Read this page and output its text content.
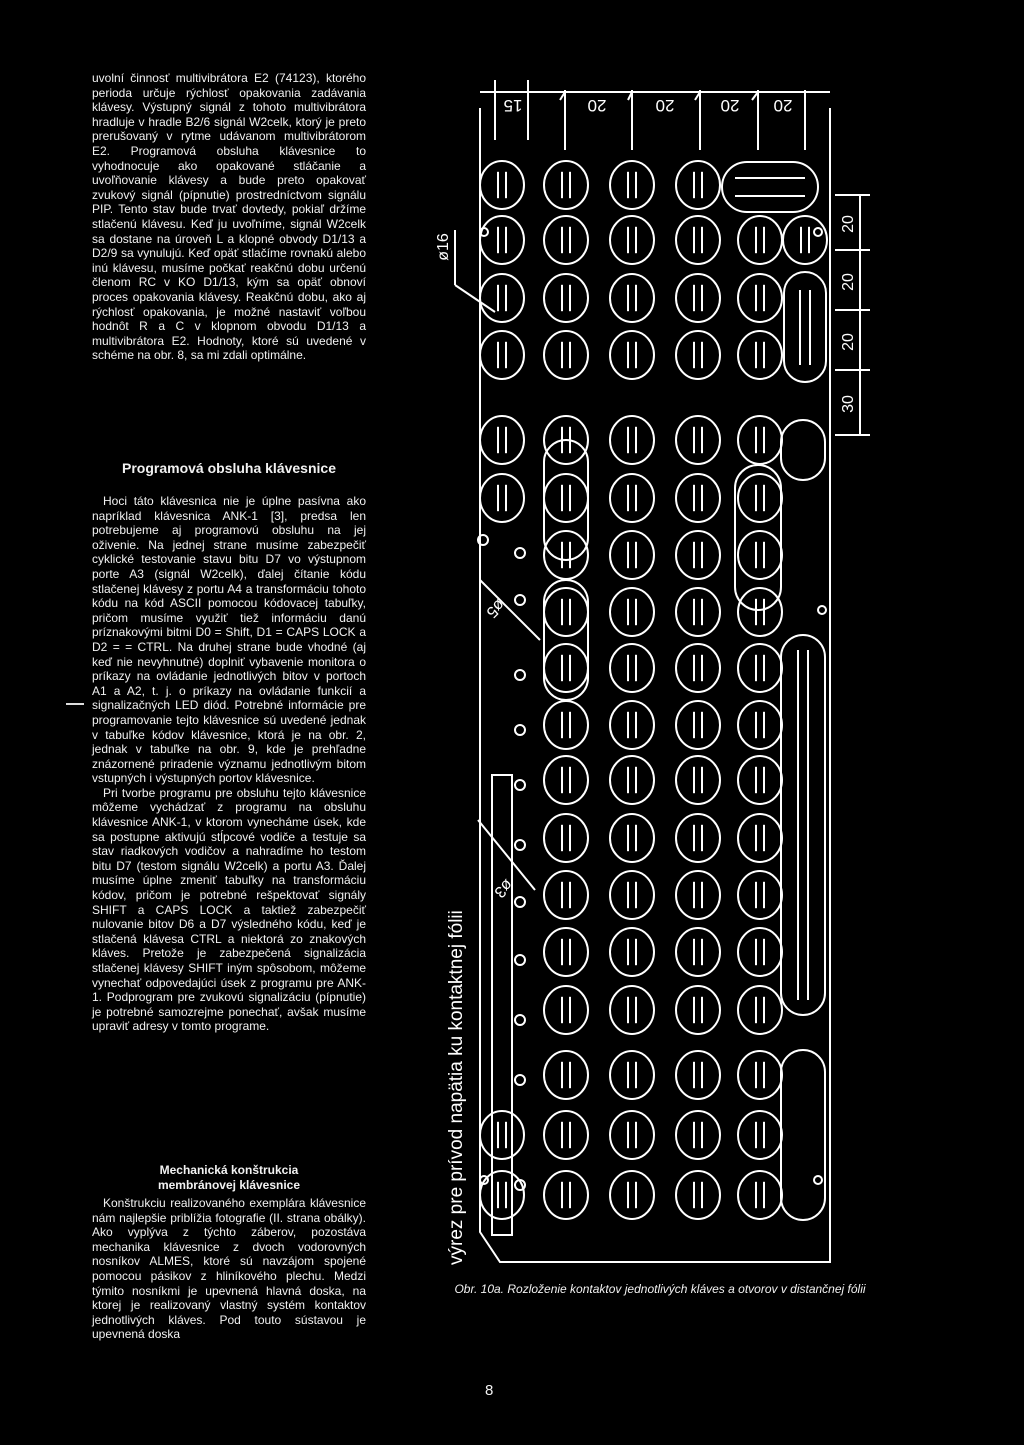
uvolní činnosť multivibrátora E2 (74123), ktorého perioda určuje rýchlosť opakovania zadávania klávesy. Výstupný signál z tohoto multivibrátora hradluje v hradle B2/6 signál W2celk, ktorý je preto prerušovaný v rytme udávanom multivibrátorom E2. Programová obsluha klávesnice to vyhodnocuje ako opakované stláčanie a uvoľňovanie klávesy a bude preto opakovať zvukový signál (pípnutie) prostredníctvom signálu PIP. Tento stav bude trvať dovtedy, pokiaľ držíme stlačenú klávesu. Keď ju uvoľníme, signál W2celk sa dostane na úroveň L a klopné obvody D1/13 a D2/9 sa vynulujú. Keď opäť stlačíme rovnakú alebo inú klávesu, musíme počkať reakčnú dobu určenú členom RC v KO D1/13, kým sa opäť obnoví proces opakovania klávesy. Reakčnú dobu, ako aj rýchlosť opakovania, je možné nastaviť voľbou hodnôt R a C v klopnom obvodu D1/13 a multivibrátora E2. Hodnoty, ktoré sú uvedené v schéme na obr. 8, sa mi zdali optimálne.

Programová obsluha klávesnice

Hoci táto klávesnica nie je úplne pasívna ako napríklad klávesnica ANK-1 [3], predsa len potrebujeme aj programovú obsluhu na jej oživenie. Na jednej strane musíme zabezpečiť cyklické testovanie stavu bitu D7 vo výstupnom porte A3 (signál W2celk), ďalej čítanie kódu stlačenej klávesy z portu A4 a transformáciu tohoto kódu na kód ASCII pomocou kódovacej tabuľky, pričom musíme využiť tiež informáciu danú príznakovými bitmi D0 = Shift, D1 = CAPS LOCK a D2 = = CTRL. Na druhej strane bude vhodné (aj keď nie nevyhnutné) doplniť vybavenie monitora o príkazy na ovládanie jednotlivých bitov v portoch A1 a A2, t. j. o príkazy na ovládanie funkcií a signalizačných LED diód. Potrebné informácie pre programovanie tejto klávesnice sú uvedené jednak v tabuľke kódov klávesnice, ktorá je na obr. 2, jednak v tabuľke na obr. 9, kde je prehľadne znázornené priradenie významu jednotlivým bitom vstupných i výstupných portov klávesnice.

Pri tvorbe programu pre obsluhu tejto klávesnice môžeme vychádzať z programu na obsluhu klávesnice ANK-1, v ktorom vynecháme úsek, kde sa postupne aktivujú stĺpcové vodiče a testuje sa stav riadkových vodičov a nahradíme ho testom bitu D7 (testom signálu W2celk) a portu A3. Ďalej musíme úplne zmeniť tabuľky na transformáciu kódov, pričom je potrebné rešpektovať signály SHIFT a CAPS LOCK a taktiež zabezpečiť nulovanie bitov D6 a D7 výsledného kódu, keď je stlačená klávesa CTRL a niektorá zo znakových kláves. Pretože je zabezpečená signalizácia stlačenej klávesy SHIFT iným spôsobom, môžeme vynechať odpovedajúci úsek z programu pre ANK-1. Podprogram pre zvukovú signalizáciu (pípnutie) je potrebné samozrejme ponechať, avšak musíme upraviť adresy v tomto programe.

Mechanická konštrukcia
membránovej klávesnice

Konštrukciu realizovaného exemplára klávesnice nám najlepšie priblížia fotografie (II. strana obálky). Ako vyplýva z týchto záberov, pozostáva mechanika klávesnice z dvoch vodorovných nosníkov ALMES, ktoré sú navzájom spojené pomocou pásikov z hliníkového plechu. Medzi týmito nosníkmi je upevnená hlavná doska, na ktorej je realizovaný vlastný systém kontaktov jednotlivých kláves. Pod touto sústavou je upevnená doska

15	20	20	20 20
20
20
20
30
ø16
ø5
ø3
výrez pre prívod napätia ku kontaktnej fólii
Obr. 10a. Rozloženie kontaktov jednotlivých kláves a otvorov v distančnej fólii
8
